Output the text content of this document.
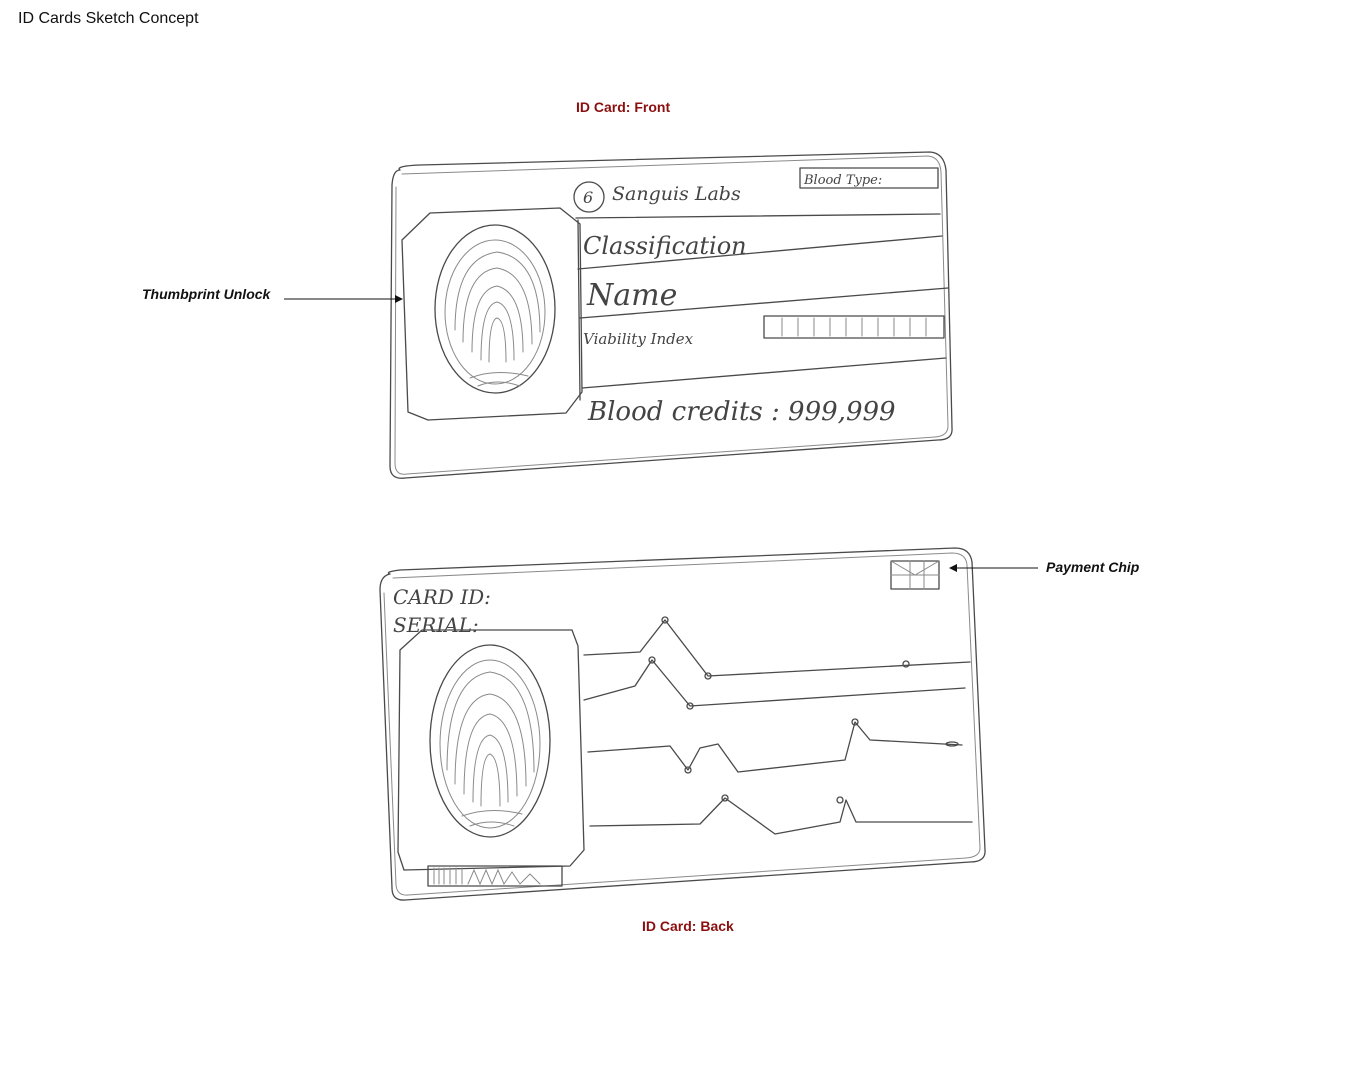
ID Cards Sketch Concept
ID Card: Front
ID Card: Back
Thumbprint Unlock
Payment Chip
6 Sanguis Labs
Blood Type:
Classification
Name
Viability Index
Blood credits : 999,999
CARD ID:
SERIAL:
